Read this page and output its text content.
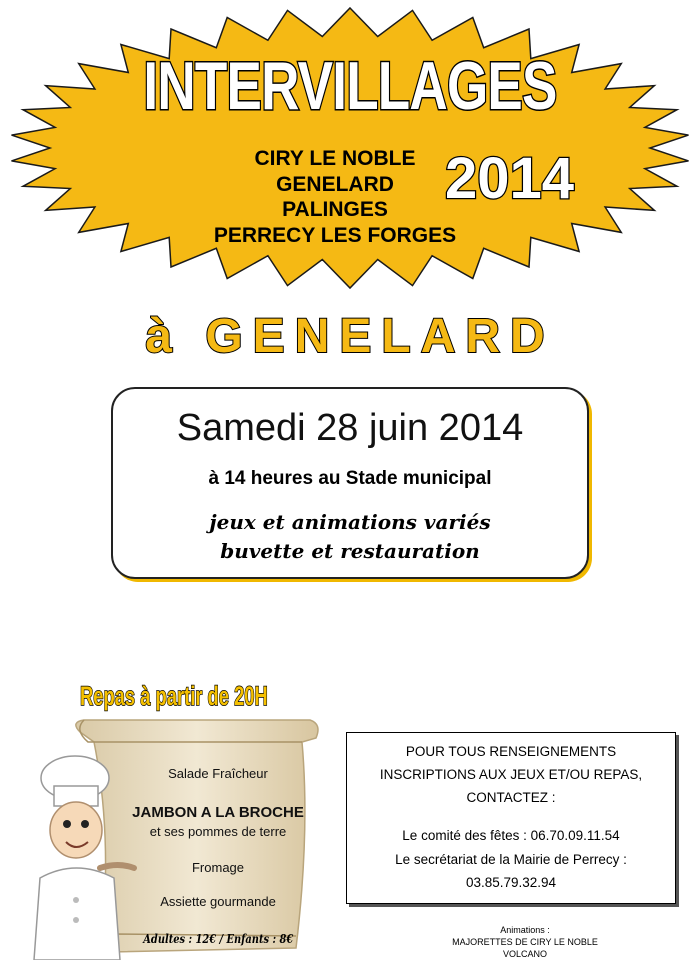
INTERVILLAGES
CIRY LE NOBLE
GENELARD
PALINGES
PERRECY LES FORGES
2014
à GENELARD
Samedi 28 juin 2014
à 14 heures au Stade municipal
jeux et animations variés
buvette et restauration
Repas à partir de 20H
Salade Fraîcheur
JAMBON A LA BROCHE
et ses pommes de terre
Fromage
Assiette gourmande
Adultes : 12€ / Enfants : 8€
POUR TOUS RENSEIGNEMENTS
INSCRIPTIONS AUX JEUX ET/OU REPAS,
CONTACTEZ :
Le comité des fêtes : 06.70.09.11.54
Le secrétariat de la Mairie de Perrecy :
03.85.79.32.94
Animations :
MAJORETTES DE CIRY LE NOBLE
VOLCANO
